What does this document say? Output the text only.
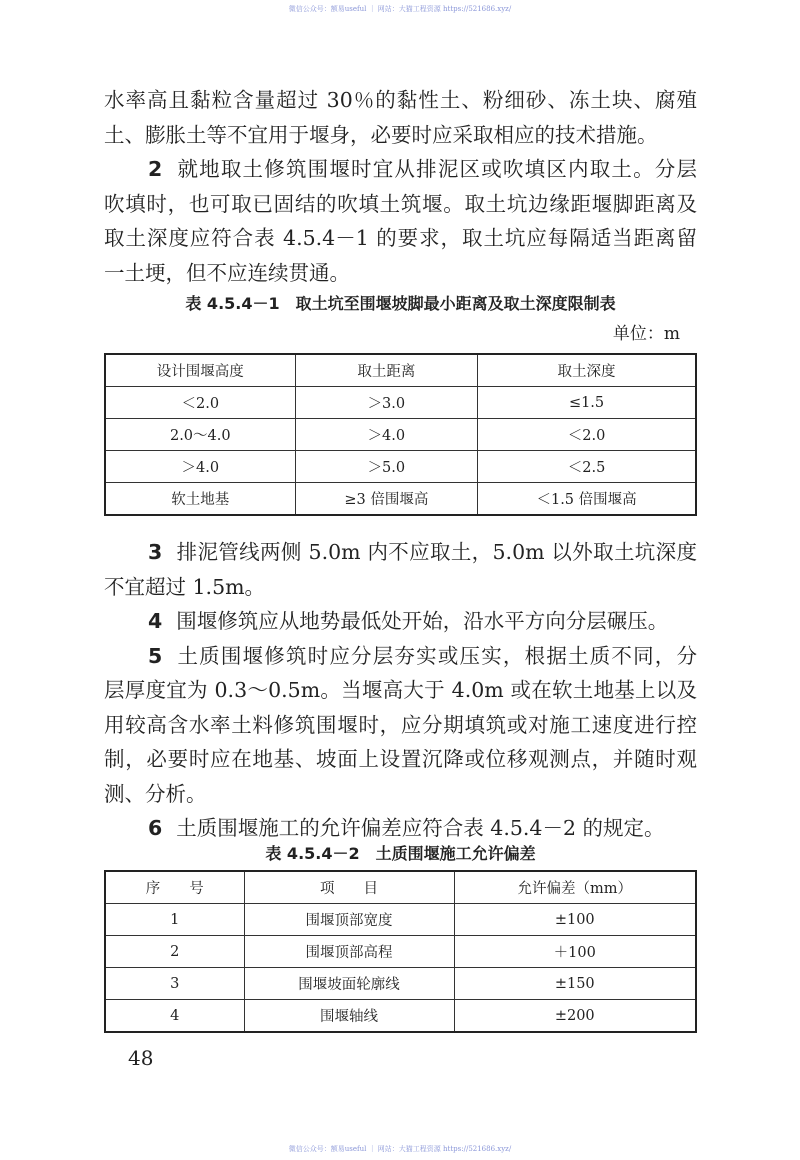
微信公众号：额易useful ｜ 网站：大猫工程资源 https://521686.xyz/
水率高且黏粒含量超过 30％的黏性土、粉细砂、冻土块、腐殖
土、膨胀土等不宜用于堰身，必要时应采取相应的技术措施。
2 就地取土修筑围堰时宜从排泥区或吹填区内取土。分层
吹填时，也可取已固结的吹填土筑堰。取土坑边缘距堰脚距离及
取土深度应符合表 4.5.4－1 的要求，取土坑应每隔适当距离留
一土埂，但不应连续贯通。
表 4.5.4－1　取土坑至围堰坡脚最小距离及取土深度限制表
单位：m
设计围堰高度	取土距离	取土深度
＜2.0	＞3.0	≤1.5
2.0～4.0	＞4.0	＜2.0
＞4.0	＞5.0	＜2.5
软土地基	≥3 倍围堰高	＜1.5 倍围堰高
3 排泥管线两侧 5.0m 内不应取土，5.0m 以外取土坑深度
不宜超过 1.5m。
4 围堰修筑应从地势最低处开始，沿水平方向分层碾压。
5 土质围堰修筑时应分层夯实或压实，根据土质不同，分
层厚度宜为 0.3～0.5m。当堰高大于 4.0m 或在软土地基上以及
用较高含水率土料修筑围堰时，应分期填筑或对施工速度进行控
制，必要时应在地基、坡面上设置沉降或位移观测点，并随时观
测、分析。
6 土质围堰施工的允许偏差应符合表 4.5.4－2 的规定。
表 4.5.4－2　土质围堰施工允许偏差
序　　号	项　　目	允许偏差（mm）
1	围堰顶部宽度	±100
2	围堰顶部高程	＋100
3	围堰坡面轮廓线	±150
4	围堰轴线	±200
48
微信公众号：额易useful ｜ 网站：大猫工程资源 https://521686.xyz/
